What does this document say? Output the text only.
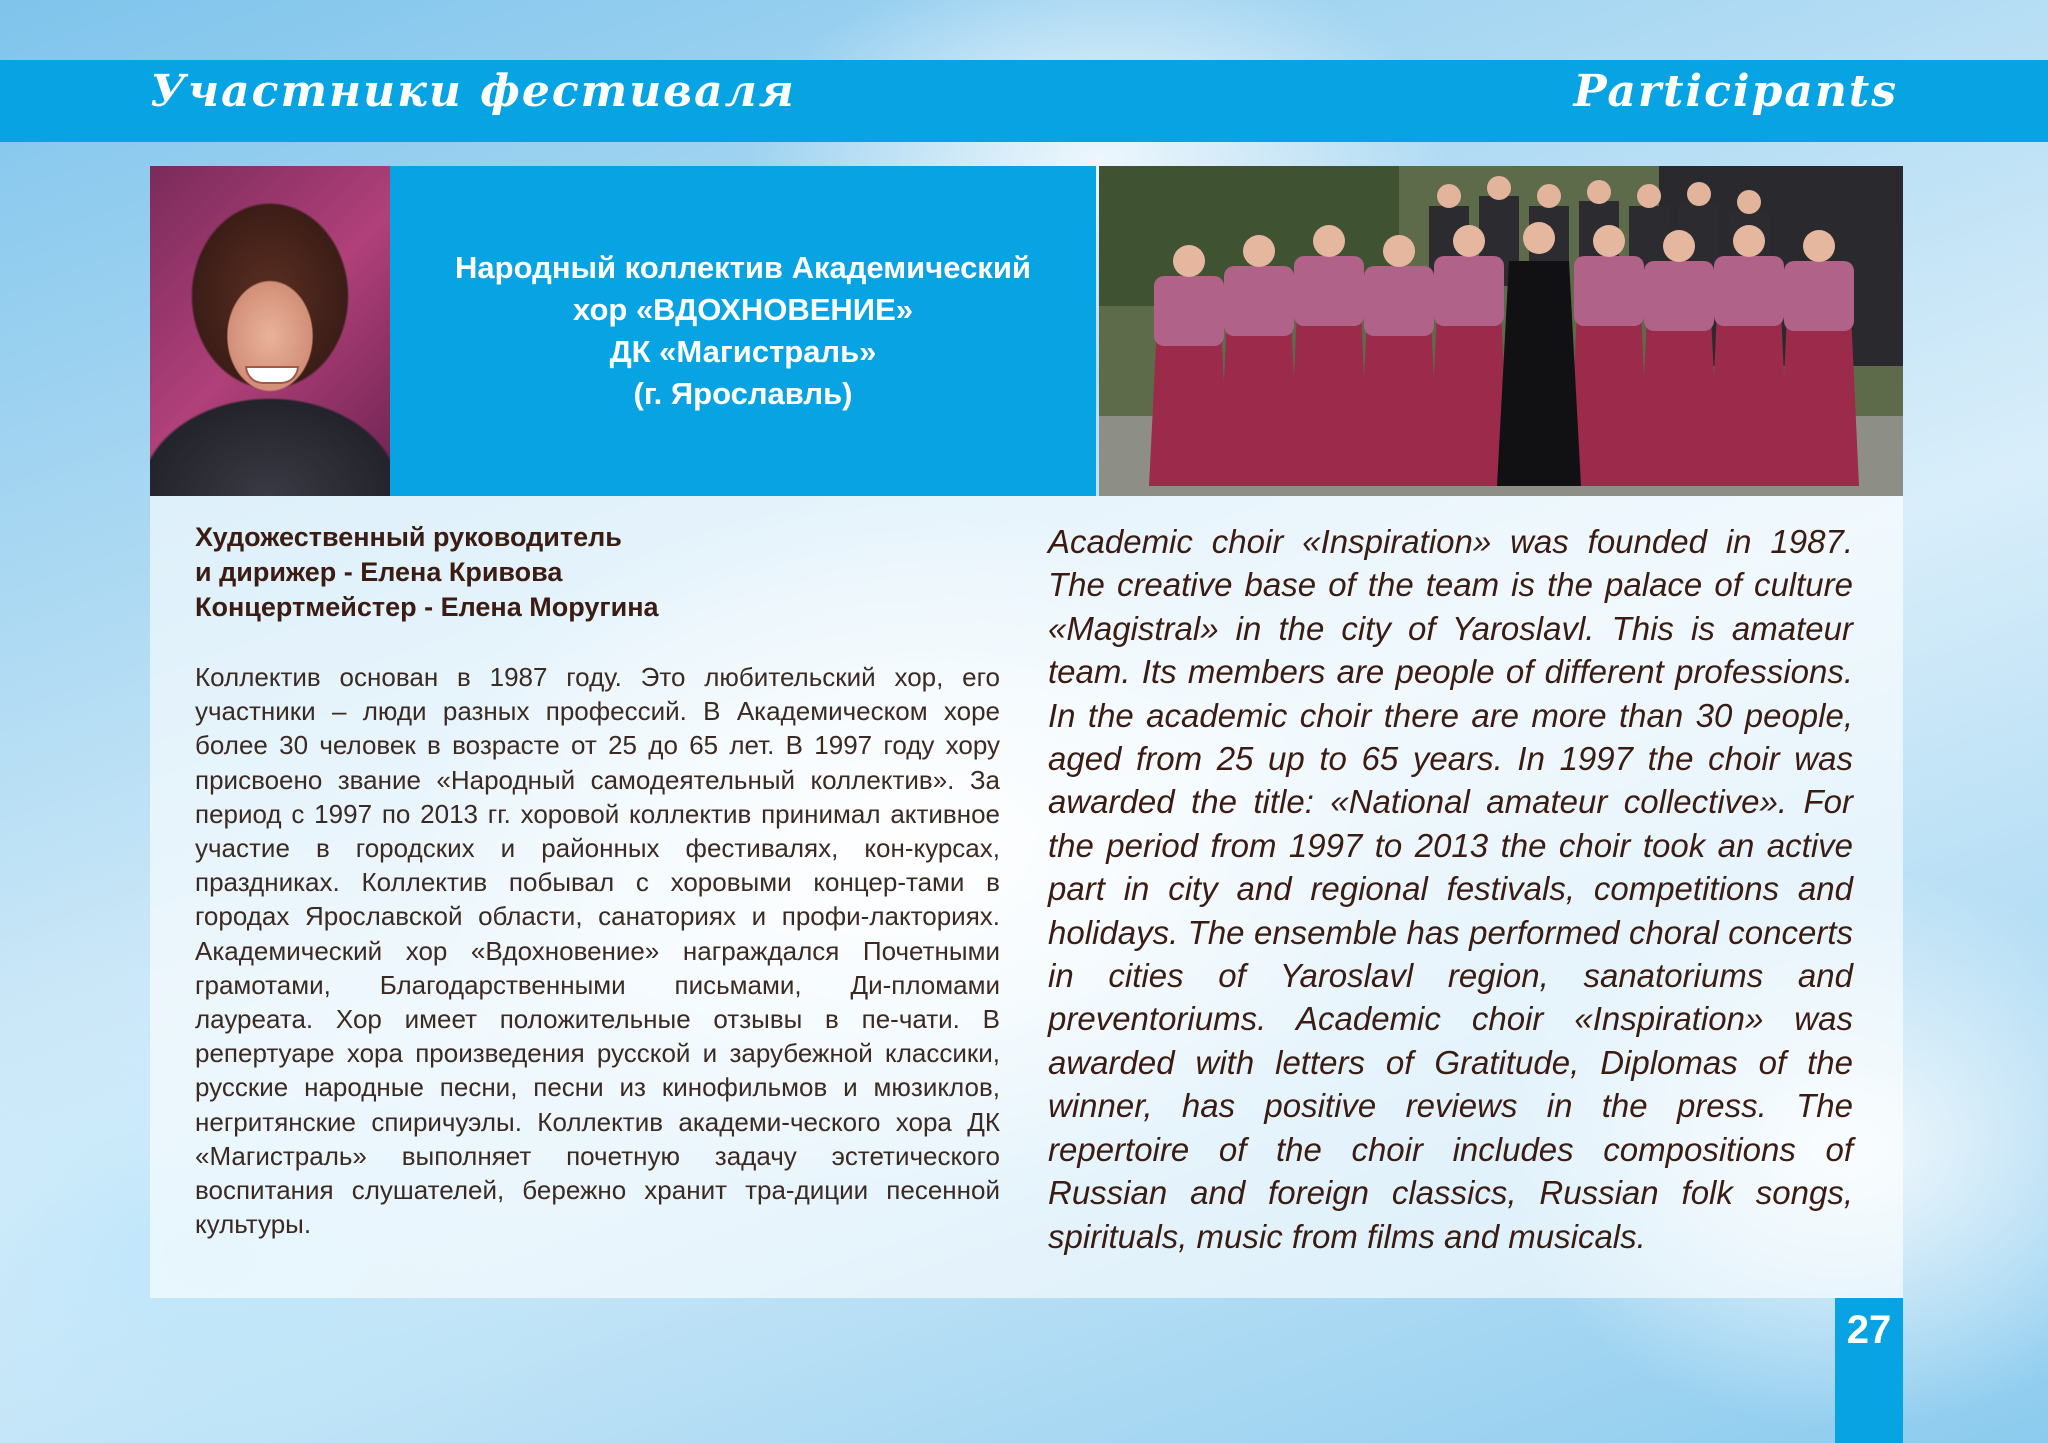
Участники фестиваля	Participants
Народный коллектив Академический
хор «ВДОХНОВЕНИЕ»
ДК «Магистраль»
(г. Ярославль)
Художественный руководитель
и дирижер - Елена Кривова
Концертмейстер - Елена Моругина
Коллектив основан в 1987 году. Это любительский хор, его участники – люди разных профессий. В Академическом хоре более 30 человек в возрасте от 25 до 65 лет. В 1997 году хору присвоено звание «Народный самодеятельный коллектив». За период с 1997 по 2013 гг. хоровой коллектив принимал активное участие в городских и районных фестивалях, кон-курсах, праздниках. Коллектив побывал с хоровыми концер-тами в городах Ярославской области, санаториях и профи-лакториях. Академический хор «Вдохновение» награждался Почетными грамотами, Благодарственными письмами, Ди-пломами лауреата. Хор имеет положительные отзывы в пе-чати. В репертуаре хора произведения русской и зарубежной классики, русские народные песни, песни из кинофильмов и мюзиклов, негритянские спиричуэлы. Коллектив академи-ческого хора ДК «Магистраль» выполняет почетную задачу эстетического воспитания слушателей, бережно хранит тра-диции песенной культуры.
Academic choir «Inspiration» was founded in 1987. The creative base of the team is the palace of culture «Magistral» in the city of Yaroslavl. This is amateur team. Its members are people of different professions. In the academic choir there are more than 30 people, aged from 25 up to 65 years. In 1997 the choir was awarded the title: «National amateur collective». For the period from 1997 to 2013 the choir took an active part in city and regional festivals, competitions and holidays. The ensemble has performed choral concerts in cities of Yaroslavl region, sanatoriums and preventoriums. Academic choir «Inspiration» was awarded with letters of Gratitude, Diplomas of the winner, has positive reviews in the press. The repertoire of the choir includes compositions of Russian and foreign classics, Russian folk songs, spirituals, music from films and musicals.
27
